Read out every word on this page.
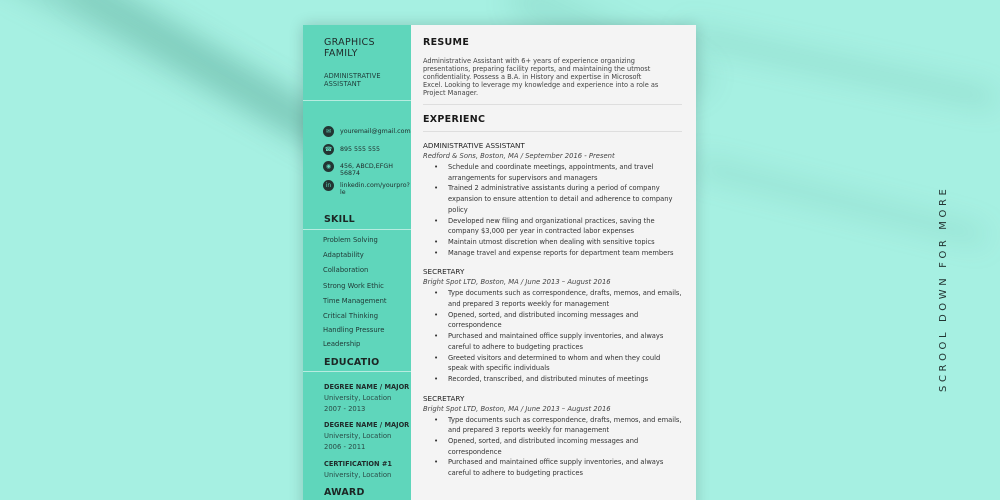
GRAPHICS
FAMILY
ADMINISTRATIVE ASSISTANT
✉	youremail@gmail.com
☎ 895 555 555
◉	456, ABCD,EFGH
56874
in	linkedin.com/yourpro?le
SKILL
Problem Solving
Adaptability
Collaboration
Strong Work Ethic
Time Management
Critical Thinking
Handling Pressure
Leadership
EDUCATIO
DEGREE NAME / MAJOR
University, Location
2007 - 2013
DEGREE NAME / MAJOR
University, Location
2006 - 2011
CERTIFICATION #1
University, Location
AWARD
RESUME
Administrative Assistant with 6+ years of experience organizing presentations, preparing facility reports, and maintaining the utmost confidentiality. Possess a B.A. in History and expertise in Microsoft Excel. Looking to leverage my knowledge and experience into a role as Project Manager.
EXPERIENC
ADMINISTRATIVE ASSISTANT
Redford & Sons, Boston, MA / September 2016 - Present
• Schedule and coordinate meetings, appointments, and travel arrangements for supervisors and managers
• Trained 2 administrative assistants during a period of company expansion to ensure attention to detail and adherence to company policy
• Developed new filing and organizational practices, saving the company $3,000 per year in contracted labor expenses
• Maintain utmost discretion when dealing with sensitive topics
• Manage travel and expense reports for department team members
SECRETARY
Bright Spot LTD, Boston, MA / June 2013 – August 2016
• Type documents such as correspondence, drafts, memos, and emails, and prepared 3 reports weekly for management
• Opened, sorted, and distributed incoming messages and correspondence
• Purchased and maintained office supply inventories, and always careful to adhere to budgeting practices
• Greeted visitors and determined to whom and when they could speak with specific individuals
• Recorded, transcribed, and distributed minutes of meetings
SECRETARY
Bright Spot LTD, Boston, MA / June 2013 – August 2016
• Type documents such as correspondence, drafts, memos, and emails, and prepared 3 reports weekly for management
• Opened, sorted, and distributed incoming messages and correspondence
• Purchased and maintained office supply inventories, and always careful to adhere to budgeting practices
SCROOL DOWN FOR MORE
